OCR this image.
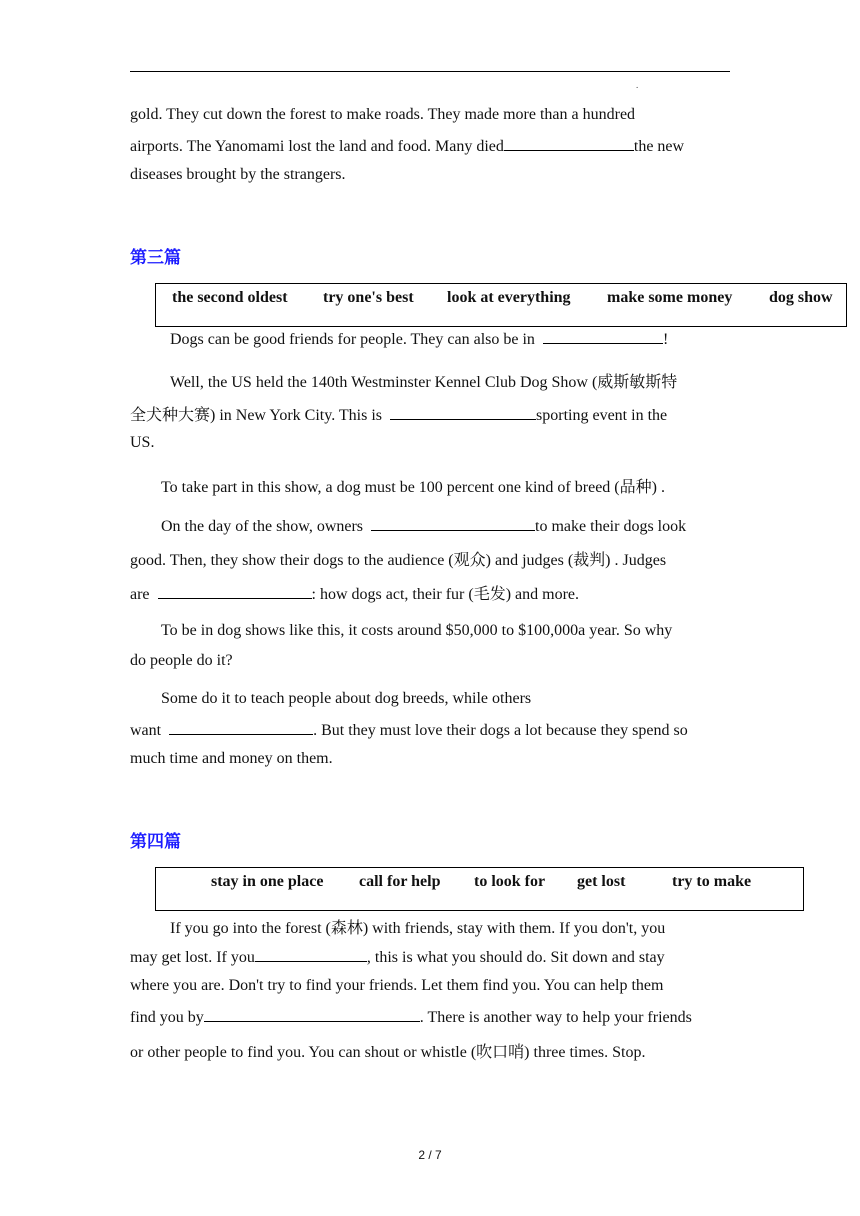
.
gold. They cut down the forest to make roads. They made more than a hundred
airports. The Yanomami lost the land and food. Many died	the new
diseases brought by the strangers.
第三篇
the second oldest try one's best look at everything make some money dog show
Dogs can be good friends for people. They can also be in	!
Well, the US held the 140th Westminster Kennel Club Dog Show (威斯敏斯特
全犬种大赛) in New York City. This is	sporting event in the
US.
To take part in this show, a dog must be 100 percent one kind of breed (品种) .
On the day of the show, owners	to make their dogs look
good. Then, they show their dogs to the audience (观众) and judges (裁判) . Judges
are	: how dogs act, their fur (毛发) and more.
To be in dog shows like this, it costs around $50,000 to $100,000a year. So why
do people do it?
Some do it to teach people about dog breeds, while others
want	. But they must love their dogs a lot because they spend so
much time and money on them.
第四篇
stay in one place call for help to look for get lost	try to make
If you go into the forest (森林) with friends, stay with them. If you don't, you
may get lost. If you	, this is what you should do. Sit down and stay
where you are. Don't try to find your friends. Let them find you. You can help them
find you by	. There is another way to help your friends
or other people to find you. You can shout or whistle (吹口哨) three times. Stop.
2 / 7
